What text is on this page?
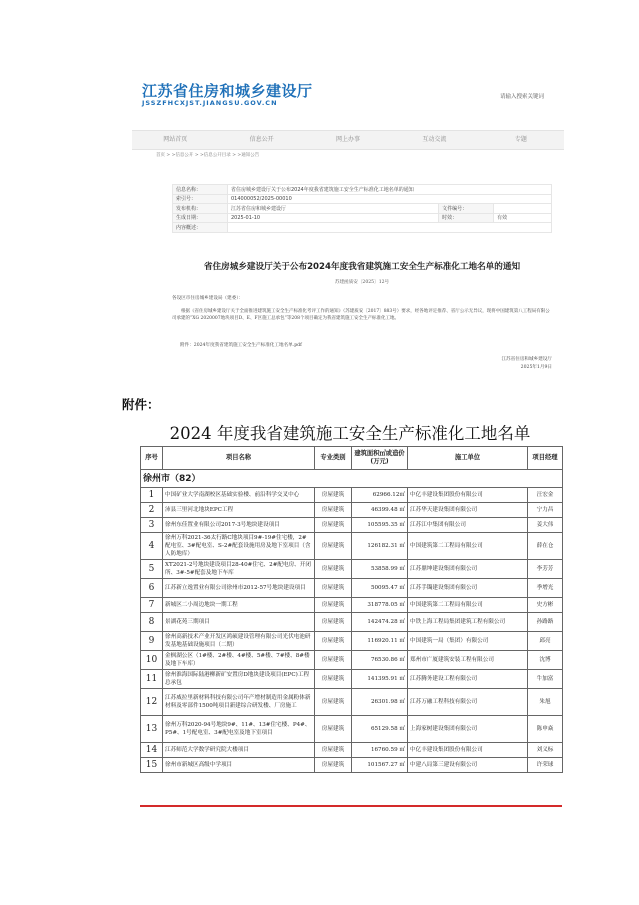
江苏省住房和城乡建设厅
JSSZFHCXJST.JIANGSU.GOV.CN
请输入搜索关键词
网站首页	信息公开	网上办事	互动交流	专题
首页 > >信息公开 > >信息公开目录 > >通知公告
信息名称：	省住房城乡建设厅关于公布2024年度我省建筑施工安全生产标准化工地名单的通知		
索引号：	014000052/2025-00010		
发布机构：	江苏省住房和城乡建设厅	文件编号：	
生成日期：	2025-01-10	时效：	有效
内容概述：			
省住房城乡建设厅关于公布2024年度我省建筑施工安全生产标准化工地名单的通知
苏建函质安〔2025〕12号
各设区市住房城乡建设局（建委）：
根据《省住房城乡建设厅关于全面推进建筑施工安全生产标准化考评工作的通知》（苏建质安〔2017〕883号）要求，经各地评定推荐、省厅公示无异议，现将中国建筑第八工程局有限公司承建的“XG 2020007地块项目D、E、F区施工总承包”等208个项目确定为我省建筑施工安全生产标准化工地。
附件：2024年度我省建筑施工安全生产标准化工地名单.pdf
江苏省住房和城乡建设厅
2025年1月9日
附件：
2024 年度我省建筑施工安全生产标准化工地名单
序号	项目名称	专业类别	建筑面积㎡或造价(万元)	施工单位	项目经理
徐州市（82）					
1	中国矿业大学南湖校区基础实验楼、前沿科学交叉中心	房屋建筑	62966.12㎡	中亿丰建设集团股份有限公司	汪宏金
2	沛县三里河北地块EPC工程	房屋建筑	46399.48 ㎡	江苏华天建设集团有限公司	宁力昌
3	徐州东佳置业有限公司2017-3号地块建设项目	房屋建筑	105595.35 ㎡	江苏江中集团有限公司	姜大伟
4	徐州万科2021-36太行路C地块项目9#-19#住宅楼，2#配电室、3#配电室、S-2#配套设施用房及地下室项目（含人防地库）	房屋建筑	126182.31 ㎡	中国建筑第二工程局有限公司	薛在仓
5	XT2021-2号地块建设项目28-40#住宅、2#配电房、开闭所、3#-5#配套及地下车库	房屋建筑	53858.99 ㎡	江苏鼎坤建设集团有限公司	李芳芳
6	江苏新立逸置业有限公司徐州市2012-57号地块建设项目	房屋建筑	50095.47 ㎡	江苏手镯建设集团有限公司	季增光
7	新城区二小周边地块一期工程	房屋建筑	318778.05 ㎡	中国建筑第二工程局有限公司	史方彬
8	景湖花苑三期项目	房屋建筑	142474.28 ㎡	中铁上海工程局集团建筑工程有限公司	孙路路
9	徐州高新技术产业开发区鸿硕建设管理有限公司光伏电池研发基地基础设施项目（二期）	房屋建筑	116920.11 ㎡	中国建筑一局（集团）有限公司	邱亮
10	金枫湖公区（1#楼、2#楼、4#楼、5#楼、7#楼、8#楼及地下车库）	房屋建筑	76530.86 ㎡	郑州市广厦建筑安装工程有限公司	沈博
11	徐州淮海国际陆港柳新矿安置房D地块建设项目(EPC)工程总承包	房屋建筑	141395.91 ㎡	江苏腾务建设工程有限公司	牛加富
12	江苏威拉里新材料科技有限公司年产增材制造用金属粉体新材料及零部件1500吨项目新建综合研发楼、厂房施工	房屋建筑	26301.98 ㎡	江苏万融工程科技有限公司	朱旭
13	徐州万科2020-94号地块9#、11#、13#住宅楼、P4#、P5#、1号配电室、3#配电室及地下室项目	房屋建筑	65129.58 ㎡	上海家树建设集团有限公司	陈申焱
14	江苏师范大学数学研究院大楼项目	房屋建筑	16760.59 ㎡	中亿丰建设集团股份有限公司	刘义标
15	徐州市新城区高级中学项目	房屋建筑	101567.27 ㎡	中建八局第三建设有限公司	许荣球
